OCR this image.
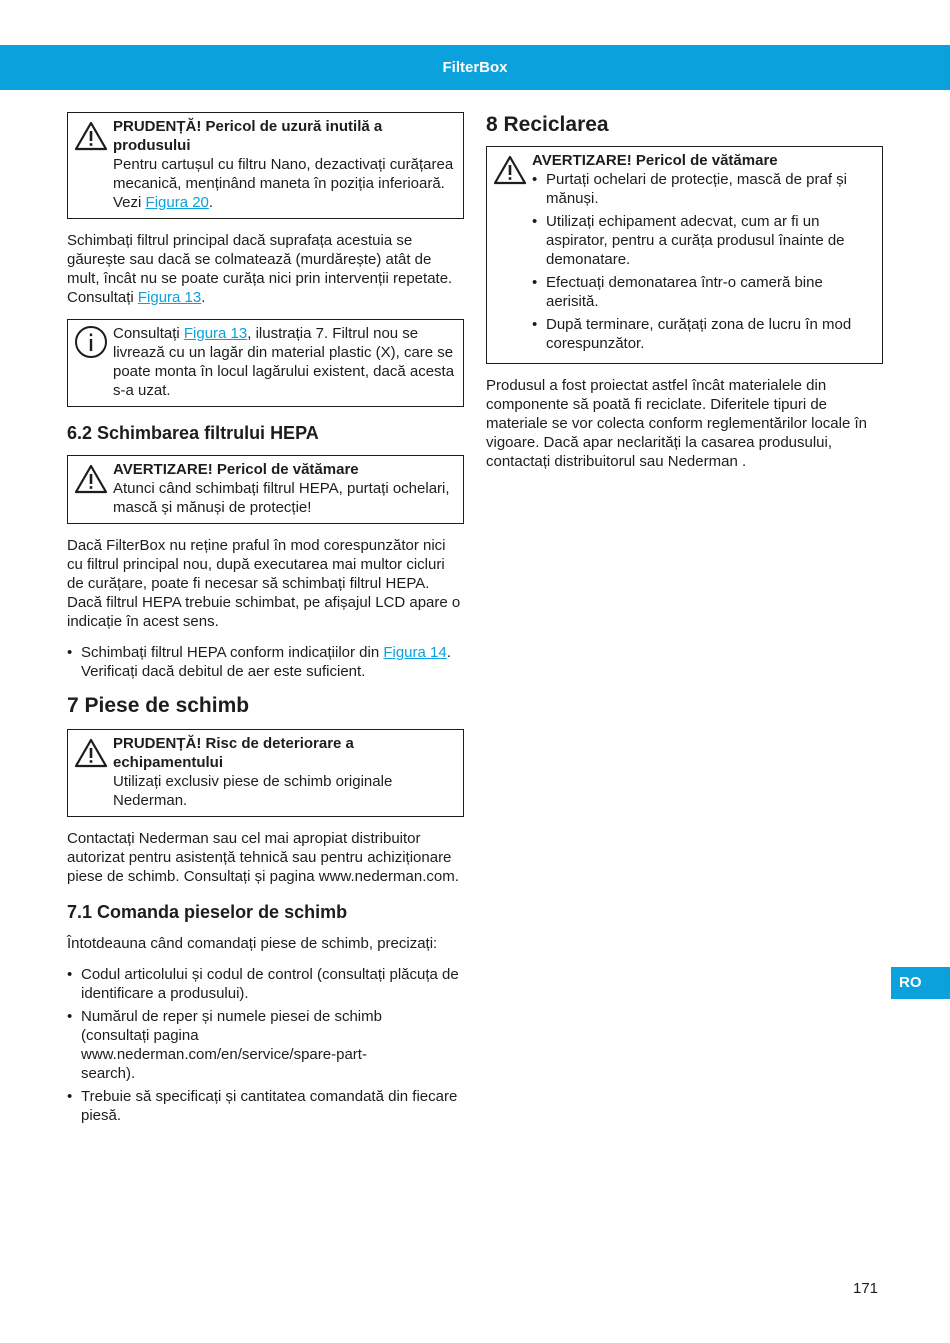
FilterBox
PRUDENȚĂ! Pericol de uzură inutilă a produsului

Pentru cartușul cu filtru Nano, dezactivați curățarea mecanică, menținând maneta în poziția inferioară. Vezi Figura 20.

Schimbați filtrul principal dacă suprafața acestuia se găurește sau dacă se colmatează (murdărește) atât de mult, încât nu se poate curăța nici prin intervenții repetate. Consultați Figura 13.

Consultați Figura 13, ilustrația 7. Filtrul nou se livrează cu un lagăr din material plastic (X), care se poate monta în locul lagărului existent, dacă acesta s-a uzat.

6.2 Schimbarea filtrului HEPA
AVERTIZARE! Pericol de vătămare

Atunci când schimbați filtrul HEPA, purtați ochelari, mască și mănuși de protecție!

Dacă FilterBox nu reține praful în mod corespunzător nici cu filtrul principal nou, după executarea mai multor cicluri de curățare, poate fi necesar să schimbați filtrul HEPA. Dacă filtrul HEPA trebuie schimbat, pe afișajul LCD apare o indicație în acest sens.

• Schimbați filtrul HEPA conform indicațiilor din Figura 14. Verificați dacă debitul de aer este suficient.
7 Piese de schimb
PRUDENȚĂ! Risc de deteriorare a echipamentului

Utilizați exclusiv piese de schimb originale Nederman.

Contactați Nederman sau cel mai apropiat distribuitor autorizat pentru asistență tehnică sau pentru achiziționare piese de schimb. Consultați și pagina www.nederman.com.

7.1 Comanda pieselor de schimb

Întotdeauna când comandați piese de schimb, precizați:

• Codul articolului și codul de control (consultați plăcuța de identificare a produsului).
• Numărul de reper și numele piesei de schimb (consultați pagina www.nederman.com/en/service/spare-part-search).
• Trebuie să specificați și cantitatea comandată din fiecare piesă.
8 Reciclarea
AVERTIZARE! Pericol de vătămare
• Purtați ochelari de protecție, mască de praf și mănuși.
• Utilizați echipament adecvat, cum ar fi un aspirator, pentru a curăța produsul înainte de demonatare.
• Efectuați demonatarea într-o cameră bine aerisită.
• După terminare, curățați zona de lucru în mod corespunzător.

Produsul a fost proiectat astfel încât materialele din componente să poată fi reciclate. Diferitele tipuri de materiale se vor colecta conform reglementărilor locale în vigoare. Dacă apar neclarități la casarea produsului, contactați distribuitorul sau Nederman .

RO
171
